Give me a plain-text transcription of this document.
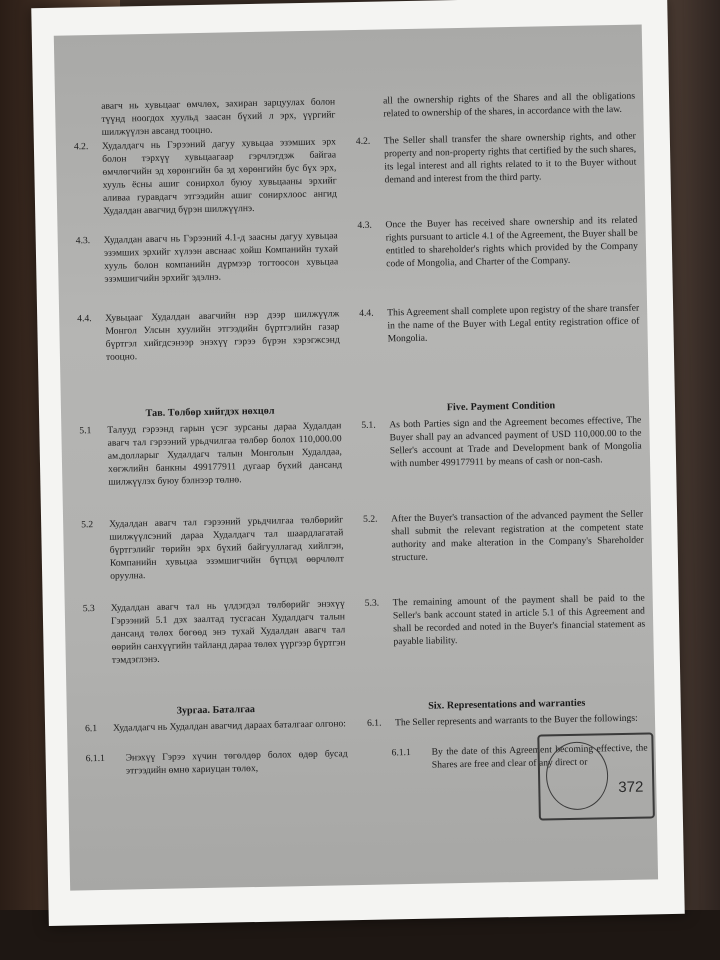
авагч нь хувьцааг өмчлөх, захиран зарцуулах болон түүнд ноогдох хуульд заасан бүхий л эрх, үүргийг шилжүүлэн авсанд тооцно.
4.2.	Худалдагч нь Гэрээний дагуу хувьцаа эзэмших эрх болон тэрхүү хувьцаагаар гэрчлэгдэж байгаа өмчлөгчийн эд хөрөнгийн ба эд хөрөнгийн бус бүх эрх, хууль ёсны ашиг сонирхол буюу хувьцааны эрхийг аливаа гуравдагч этгээдийн ашиг сонирхлоос ангид Худалдан авагчид бүрэн шилжүүлнэ.
4.3.	Худалдан авагч нь Гэрээний 4.1-д заасны дагуу хувьцаа эзэмших эрхийг хүлээн авснаас хойш Компанийн тухай хууль болон компанийн дүрмээр тогтоосон хувьцаа эзэмшигчийн эрхийг эдэлнэ.
4.4.	Хувьцааг Худалдан авагчийн нэр дээр шилжүүлж Монгол Улсын хуулийн этгээдийн бүртгэлийн газар бүртгэл хийгдсэнээр энэхүү гэрээ бүрэн хэрэгжсэнд тооцно.
Тав. Төлбөр хийгдэх нөхцөл
5.1	Талууд гэрээнд гарын үсэг зурсаны дараа Худалдан авагч тал гэрээний урьдчилгаа төлбөр болох 110,000.00 ам.долларыг Худалдагч талын Монголын Худалдаа, хөгжлийн банкны 499177911 дугаар бүхий дансанд шилжүүлэх буюу бэлнээр төлнө.
5.2	Худалдан авагч тал гэрээний урьдчилгаа төлбөрийг шилжүүлсэний дараа Худалдагч тал шаардлагатай бүртгэлийг төрийн эрх бүхий байгууллагад хийлгэн, Компанийн хувьцаа эзэмшигчийн бүтцэд өөрчлөлт оруулна.
5.3	Худалдан авагч тал нь үлдэгдэл төлбөрийг энэхүү Гэрээний 5.1 дэх заалтад тусгасан Худалдагч талын дансанд төлөх бөгөөд энэ тухай Худалдан авагч тал өөрийн санхүүгийн тайланд дараа төлөх үүргээр бүртгэн тэмдэглэнэ.
Зургаа. Баталгаа
6.1	Худалдагч нь Худалдан авагчид дараах баталгааг олгоно:
6.1.1	Энэхүү Гэрээ хүчин төгөлдөр болох өдөр бусад этгээдийн өмнө хариуцан төлөх,
all the ownership rights of the Shares and all the obligations related to ownership of the shares, in accordance with the law.
4.2.	The Seller shall transfer the share ownership rights, and other property and non-property rights that certified by the such shares, its legal interest and all rights related to it to the Buyer without demand and interest from the third party.
4.3.	Once the Buyer has received share ownership and its related rights pursuant to article 4.1 of the Agreement, the Buyer shall be entitled to shareholder's rights which provided by the Company code of Mongolia, and Charter of the Company.
4.4.	This Agreement shall complete upon registry of the share transfer in the name of the Buyer with Legal entity registration office of Mongolia.
Five. Payment Condition
5.1.	As both Parties sign and the Agreement becomes effective, The Buyer shall pay an advanced payment of USD 110,000.00 to the Seller's account at Trade and Development bank of Mongolia with number 499177911 by means of cash or non-cash.
5.2.	After the Buyer's transaction of the advanced payment the Seller shall submit the relevant registration at the competent state authority and make alteration in the Company's Shareholder structure.
5.3.	The remaining amount of the payment shall be paid to the Seller's bank account stated in article 5.1 of this Agreement and shall be recorded and noted in the Buyer's financial statement as payable liability.
Six. Representations and warranties
6.1.	The Seller represents and warrants to the Buyer the followings:
6.1.1	By the date of this Agreement becoming effective, the Shares are free and clear of any direct or
372
